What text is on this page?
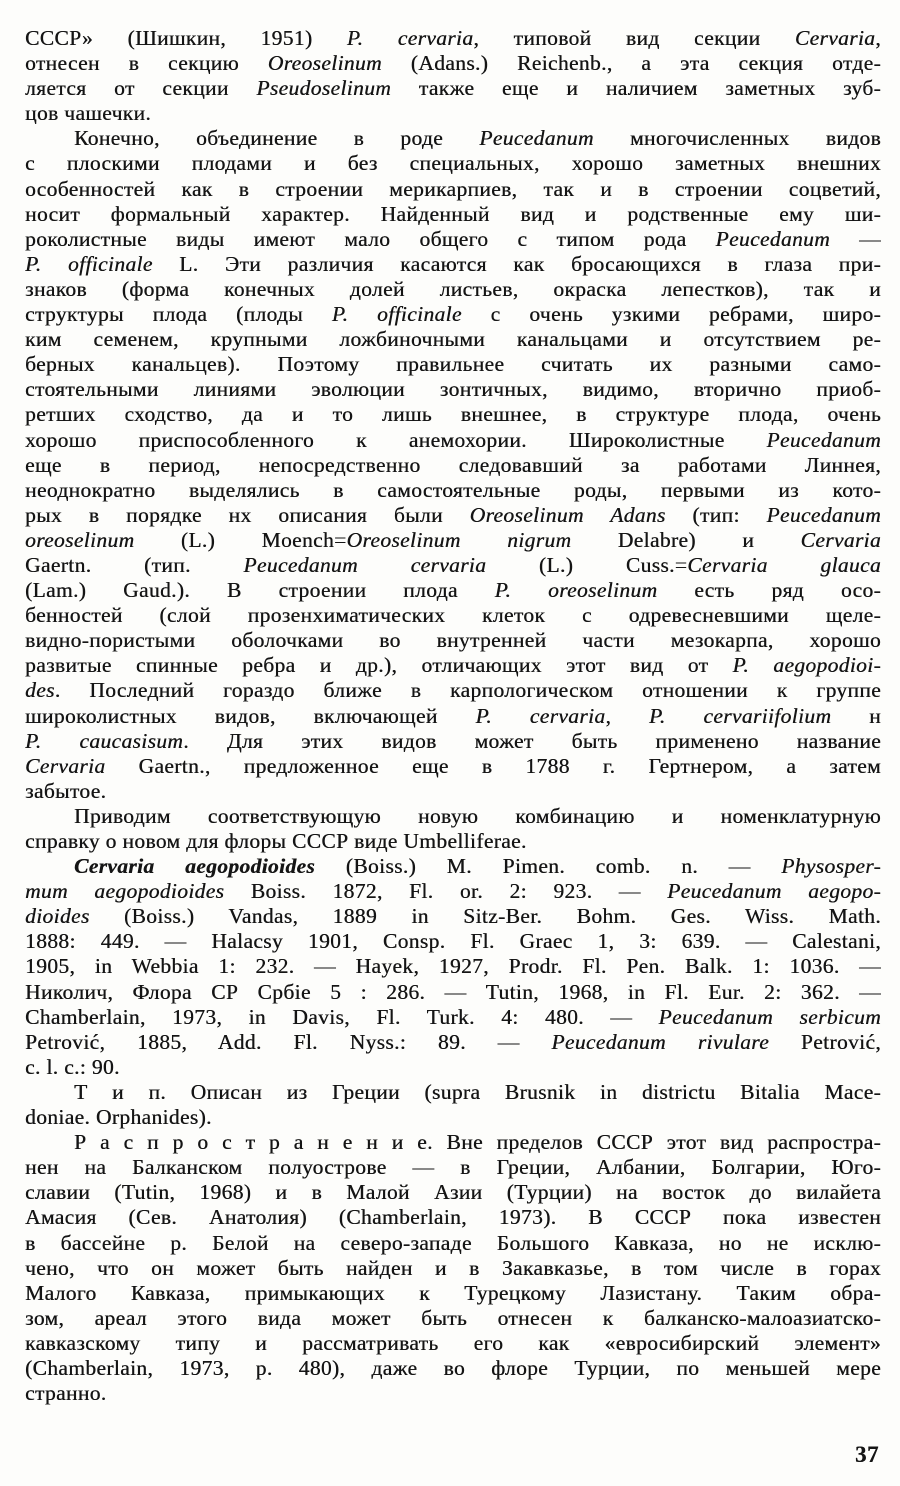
СССР» (Шишкин, 1951) P. cervaria, типовой вид секции Cervaria,
отнесен в секцию Oreoselinum (Adans.) Reichenb., а эта секция отде-
ляется от секции Pseudoselinum также еще и наличием заметных зуб-
цов чашечки.
Конечно, объединение в роде Peucedanum многочисленных видов
с плоскими плодами и без специальных, хорошо заметных внешних
особенностей как в строении мерикарпиев, так и в строении соцветий,
носит формальный характер. Найденный вид и родственные ему ши-
роколистные виды имеют мало общего с типом рода Peucedanum —
P. officinale L. Эти различия касаются как бросающихся в глаза при-
знаков (форма конечных долей листьев, окраска лепестков), так и
структуры плода (плоды P. officinale с очень узкими ребрами, широ-
ким семенем, крупными ложбиночными канальцами и отсутствием ре-
берных канальцев). Поэтому правильнее считать их разными само-
стоятельными линиями эволюции зонтичных, видимо, вторично приоб-
ретших сходство, да и то лишь внешнее, в структуре плода, очень
хорошо приспособленного к анемохории. Широколистные Peucedanum
еще в период, непосредственно следовавший за работами Линнея,
неоднократно выделялись в самостоятельные роды, первыми из кото-
рых в порядке нх описания были Oreoselinum Adans (тип: Peucedanum
oreoselinum (L.) Moench=Oreoselinum nigrum Delabre) и Cervaria
Gaertn. (тип. Peucedanum cervaria (L.) Cuss.=Cervaria glauca
(Lam.) Gaud.). В строении плода P. oreoselinum есть ряд осо-
бенностей (слой прозенхиматических клеток с одревесневшими щеле-
видно-пористыми оболочками во внутренней части мезокарпа, хорошо
развитые спинные ребра и др.), отличающих этот вид от P. aegopodioi-
des. Последний гораздо ближе в карпологическом отношении к группе
широколистных видов, включающей P. cervaria, P. cervariifolium н
P. caucasisum. Для этих видов может быть применено название
Cervaria Gaertn., предложенное еще в 1788 г. Гертнером, а затем
забытое.
Приводим соответствующую новую комбинацию и номенклатурную
справку о новом для флоры СССР виде Umbelliferae.
Cervaria aegopodioides (Boiss.) M. Pimen. comb. n. — Physosper-
mum aegopodioides Boiss. 1872, Fl. or. 2: 923. — Peucedanum aegopo-
dioides (Boiss.) Vandas, 1889 in Sitz-Ber. Bohm. Ges. Wiss. Math.
1888: 449. — Halacsy 1901, Consp. Fl. Graec 1, 3: 639. — Calestani,
1905, in Webbia 1: 232. — Hayek, 1927, Prodr. Fl. Pen. Balk. 1: 1036. —
Николич, Флора СР Србіе 5 : 286. — Tutin, 1968, in Fl. Eur. 2: 362. —
Chamberlain, 1973, in Davis, Fl. Turk. 4: 480. — Peucedanum serbicum
Petrović, 1885, Add. Fl. Nyss.: 89. — Peucedanum rivulare Petrović,
c. l. c.: 90.
Т и п. Описан из Греции (supra Brusnik in districtu Bitalia Mace-
doniae. Orphanides).
Р а с п р о с т р а н е н и е. Вне пределов СССР этот вид распростра-
нен на Балканском полуострове — в Греции, Албании, Болгарии, Юго-
славии (Tutin, 1968) и в Малой Азии (Турции) на восток до вилайета
Амасия (Сев. Анатолия) (Chamberlain, 1973). В СССР пока известен
в бассейне р. Белой на северо-западе Большого Кавказа, но не исклю-
чено, что он может быть найден и в Закавказье, в том числе в горах
Малого Кавказа, примыкающих к Турецкому Лазистану. Таким обра-
зом, ареал этого вида может быть отнесен к балканско-малоазиатско-
кавказскому типу и рассматривать его как «евросибирский элемент»
(Chamberlain, 1973, p. 480), даже во флоре Турции, по меньшей мере
странно.
37
